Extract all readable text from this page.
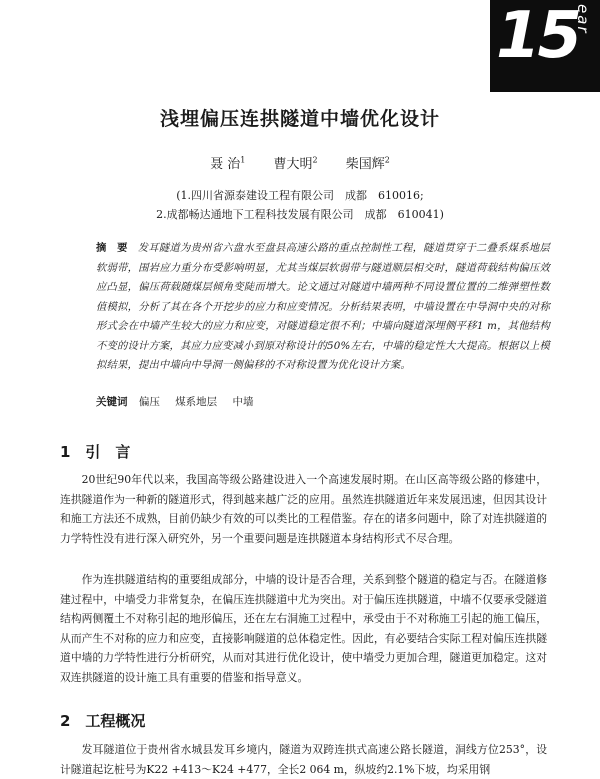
15
ear
浅埋偏压连拱隧道中墙优化设计
聂 治$^1$ 曹大明$^2$ 柴国辉$^2$
(1.四川省源泰建设工程有限公司　成都　610016;
2.成都畅达通地下工程科技发展有限公司　成都　610041)
摘　要 发耳隧道为贵州省六盘水至盘县高速公路的重点控制性工程，隧道贯穿于二叠系煤系地层软弱带，围岩应力重分布受影响明显，尤其当煤层软弱带与隧道顺层相交时，隧道荷载结构偏压效应凸显，偏压荷载随煤层倾角变陡而增大。论文通过对隧道中墙两种不同设置位置的二维弹塑性数值模拟，分析了其在各个开挖步的应力和应变情况。分析结果表明，中墙设置在中导洞中央的对称形式会在中墙产生较大的应力和应变，对隧道稳定很不利；中墙向隧道深埋侧平移1 m，其他结构不变的设计方案，其应力应变减小到原对称设计的50%左右，中墙的稳定性大大提高。根据以上模拟结果，提出中墙向中导洞一侧偏移的不对称设置为优化设计方案。
关键词 偏压 煤系地层 中墙
1　引　言
20世纪90年代以来，我国高等级公路建设进入一个高速发展时期。在山区高等级公路的修建中，连拱隧道作为一种新的隧道形式，得到越来越广泛的应用。虽然连拱隧道近年来发展迅速，但因其设计和施工方法还不成熟，目前仍缺少有效的可以类比的工程借鉴。存在的诸多问题中，除了对连拱隧道的力学特性没有进行深入研究外，另一个重要问题是连拱隧道本身结构形式不尽合理。
作为连拱隧道结构的重要组成部分，中墙的设计是否合理，关系到整个隧道的稳定与否。在隧道修建过程中，中墙受力非常复杂，在偏压连拱隧道中尤为突出。对于偏压连拱隧道，中墙不仅要承受隧道结构两侧覆土不对称引起的地形偏压，还在左右洞施工过程中，承受由于不对称施工引起的施工偏压，从而产生不对称的应力和应变，直接影响隧道的总体稳定性。因此，有必要结合实际工程对偏压连拱隧道中墙的力学特性进行分析研究，从而对其进行优化设计，使中墙受力更加合理，隧道更加稳定。这对双连拱隧道的设计施工具有重要的借鉴和指导意义。
2　工程概况
发耳隧道位于贵州省水城县发耳乡境内，隧道为双跨连拱式高速公路长隧道，洞线方位253°，设计隧道起讫桩号为K22 +413～K24 +477，全长2 064 m，纵坡约2.1%下坡，均采用钢
